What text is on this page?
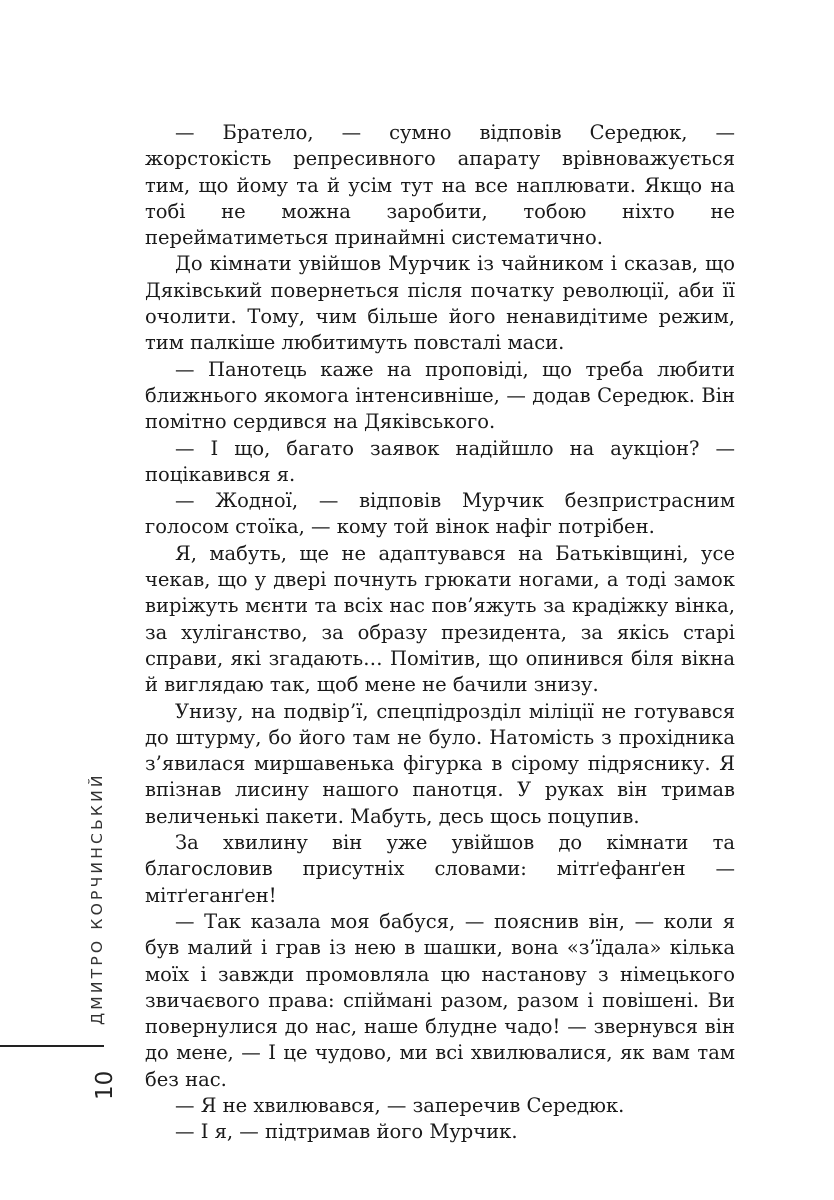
ДМИТРО КОРЧИНСЬКИЙ
10

— Братело, — сумно відповів Середюк, — жорстокість репресивного апарату врівноважується тим, що йому та й усім тут на все наплювати. Якщо на тобі не можна заробити, тобою ніхто не перейматиметься принаймні систематично.

До кімнати увійшов Мурчик із чайником і сказав, що Дяківський повернеться після початку революції, аби її очолити. Тому, чим більше його ненавидітиме режим, тим палкіше любитимуть повсталі маси.

— Панотець каже на проповіді, що треба любити ближнього якомога інтенсивніше, — додав Середюк. Він помітно сердився на Дяківського.

— І що, багато заявок надійшло на аукціон? — поцікавився я.

— Жодної, — відповів Мурчик безпристрасним голосом стоїка, — кому той вінок нафіг потрібен.

Я, мабуть, ще не адаптувався на Батьківщині, усе чекав, що у двері почнуть грюкати ногами, а тоді замок виріжуть мєнти та всіх нас пов’яжуть за крадіжку вінка, за хуліганство, за образу президента, за якісь старі справи, які згадають… Помітив, що опинився біля вікна й виглядаю так, щоб мене не бачили знизу.

Унизу, на подвір’ї, спецпідрозділ міліції не готувався до штурму, бо його там не було. Натомість з прохідника з’явилася миршавенька фігурка в сірому підряснику. Я впізнав лисину нашого панотця. У руках він тримав величенькі пакети. Мабуть, десь щось поцупив.

За хвилину він уже увійшов до кімнати та благословив присутніх словами: мітґефанґен — мітґеганґен!

— Так казала моя бабуся, — пояснив він, — коли я був малий і грав із нею в шашки, вона «з’їдала» кілька моїх і завжди промовляла цю настанову з німецького звичаєвого права: спіймані разом, разом і повішені. Ви повернулися до нас, наше блудне чадо! — звернувся він до мене, — І це чудово, ми всі хвилювалися, як вам там без нас.

— Я не хвилювався, — заперечив Середюк.

— І я, — підтримав його Мурчик.
